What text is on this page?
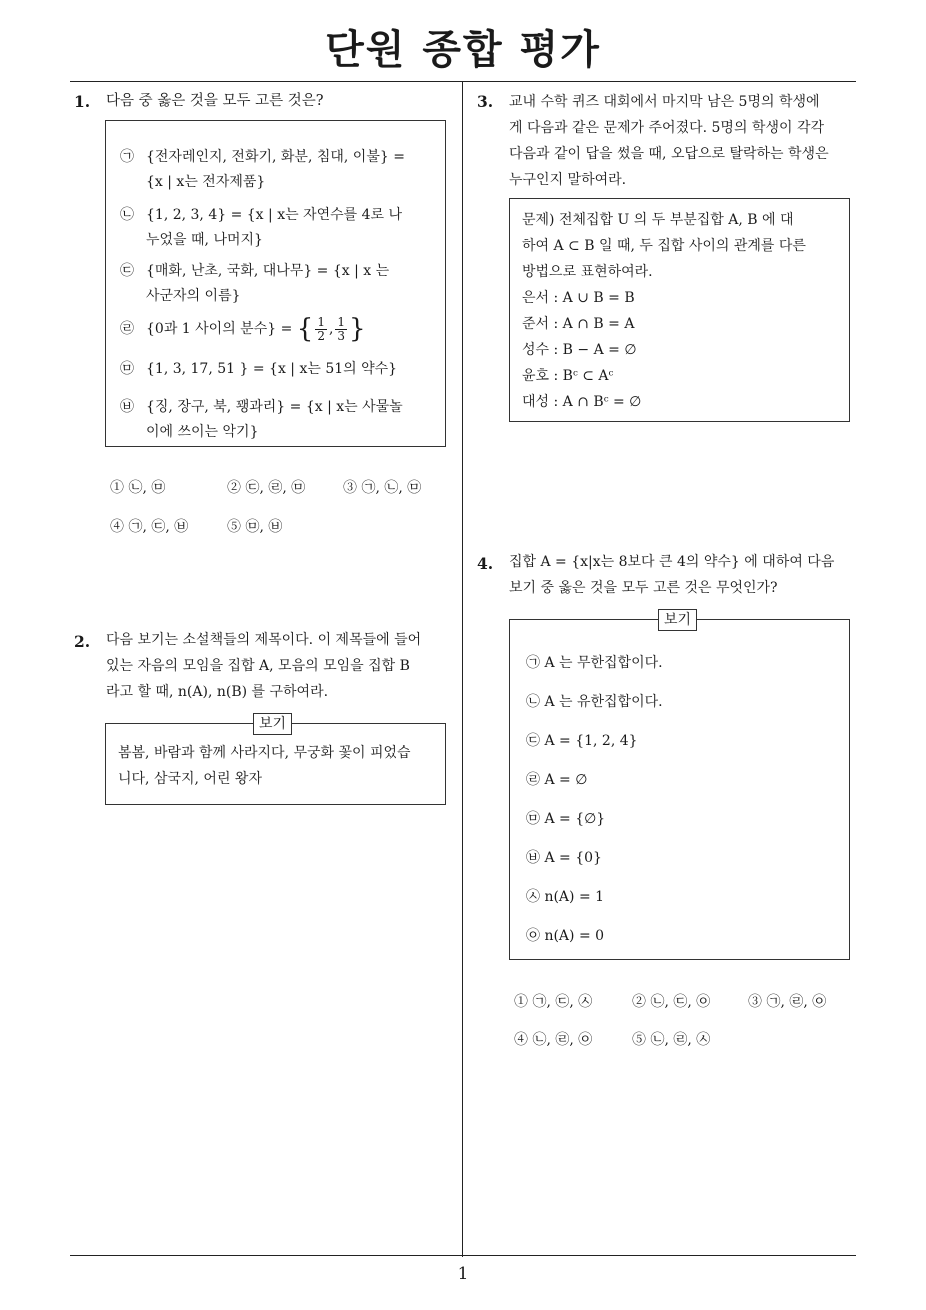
단원 종합 평가
1
1. 다음 중 옳은 것을 모두 고른 것은?
㉠ {전자레인지, 전화기, 화분, 침대, 이불} =
{x | x는 전자제품}
㉡ {1, 2, 3, 4} = {x | x는 자연수를 4로 나
누었을 때, 나머지}
㉢ {매화, 난초, 국화, 대나무} = {x | x 는
사군자의 이름}
㉣ {0과 1 사이의 분수} = { $\frac{1}{2}$ , $\frac{1}{3}$ }
㉤ {1, 3, 17, 51 } = {x | x는 51의 약수}
㉥ {징, 장구, 북, 꽹과리} = {x | x는 사물놀
이에 쓰이는 악기}
① ㉡, ㉤	② ㉢, ㉣, ㉤	③ ㉠, ㉡, ㉤
④ ㉠, ㉢, ㉥	⑤ ㉤, ㉥
2. 다음 보기는 소설책들의 제목이다. 이 제목들에 들어
있는 자음의 모임을 집합 A, 모음의 모임을 집합 B
라고 할 때, n(A), n(B) 를 구하여라.
봄봄, 바람과 함께 사라지다, 무궁화 꽃이 피었습
니다, 삼국지, 어린 왕자
보기
3. 교내 수학 퀴즈 대회에서 마지막 남은 5명의 학생에
게 다음과 같은 문제가 주어졌다. 5명의 학생이 각각
다음과 같이 답을 썼을 때, 오답으로 탈락하는 학생은
누구인지 말하여라.
문제) 전체집합 U 의 두 부분집합 A, B 에 대
하여 A ⊂ B 일 때, 두 집합 사이의 관계를 다른
방법으로 표현하여라.
은서 : A ∪ B = B
준서 : A ∩ B = A
성수 : B − A = ∅
윤호 : Bᶜ ⊂ Aᶜ
대성 : A ∩ Bᶜ = ∅
4. 집합 A = {x|x는 8보다 큰 4의 약수} 에 대하여 다음
보기 중 옳은 것을 모두 고른 것은 무엇인가?
㉠ A 는 무한집합이다.
㉡ A 는 유한집합이다.
㉢ A = {1, 2, 4}
㉣ A = ∅
㉤ A = {∅}
㉥ A = {0}
㉦ n(A) = 1
㉧ n(A) = 0
보기
① ㉠, ㉢, ㉦	② ㉡, ㉢, ㉧	③ ㉠, ㉣, ㉧
④ ㉡, ㉣, ㉧	⑤ ㉡, ㉣, ㉦
